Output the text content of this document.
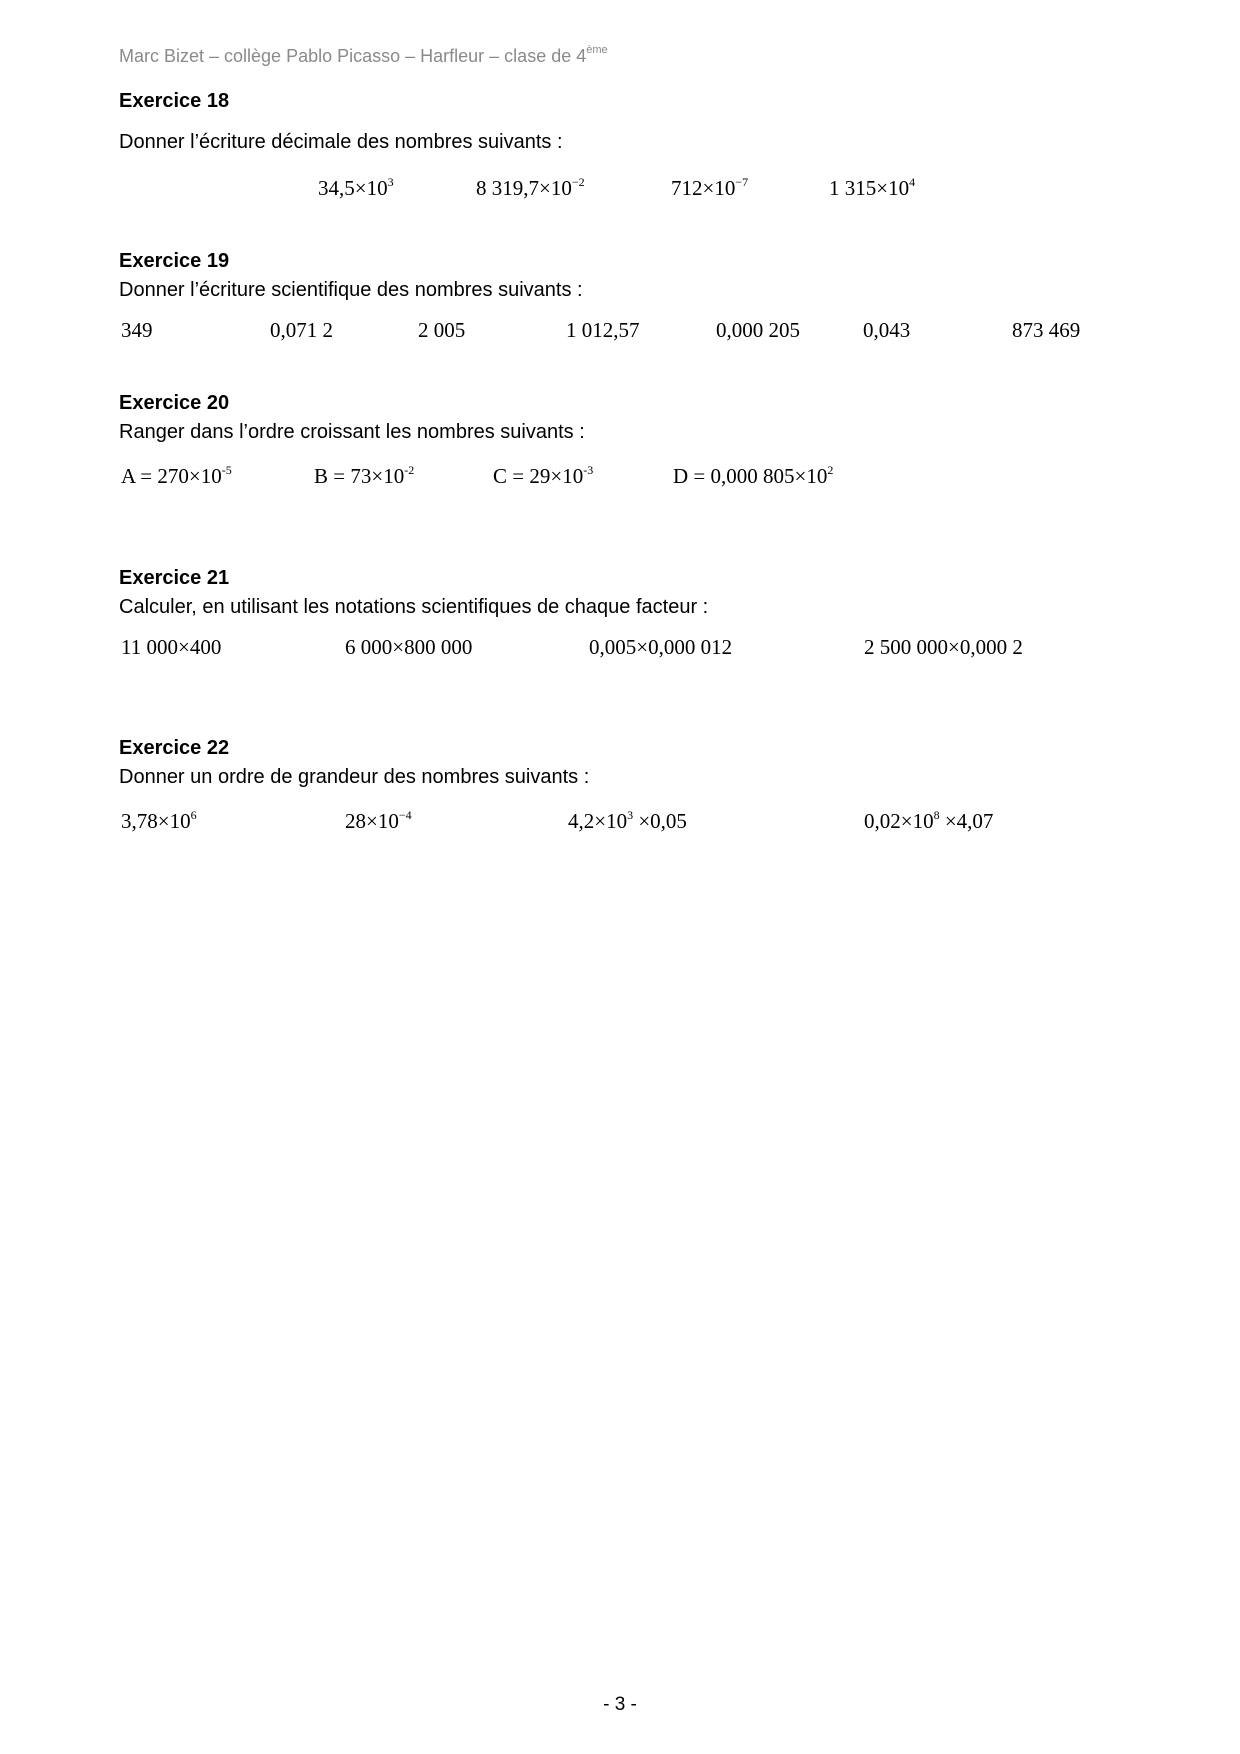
Marc Bizet – collège Pablo Picasso – Harfleur – clase de 4ème
Exercice 18
Donner l’écriture décimale des nombres suivants :
$34,5\times 10^3$	8 $319,7\times 10^{-2}$	$712\times 10^{-7}$	1 $315\times 10^4$
Exercice 19
Donner l’écriture scientifique des nombres suivants :
349	0,071 2	2 005	1 012,57	0,000 205	0,043	873 469
Exercice 20
Ranger dans l’ordre croissant les nombres suivants :
$A = 270\times 10^{-5}$	$B = 73\times 10^{-2}$	$C = 29\times 10^{-3}$	D = 0,000 $805\times 10^2$
Exercice 21
Calculer, en utilisant les notations scientifiques de chaque facteur :
11 000×400	6 000×800 000	0,005×0,000 012	2 500 000×0,000 2
Exercice 22
Donner un ordre de grandeur des nombres suivants :
$3,78\times 10^6$	$28\times 10^{-4}$	$4,2\times 10^3 \times 0,05$	$0,02\times 10^8 \times 4,07$
- 3 -
